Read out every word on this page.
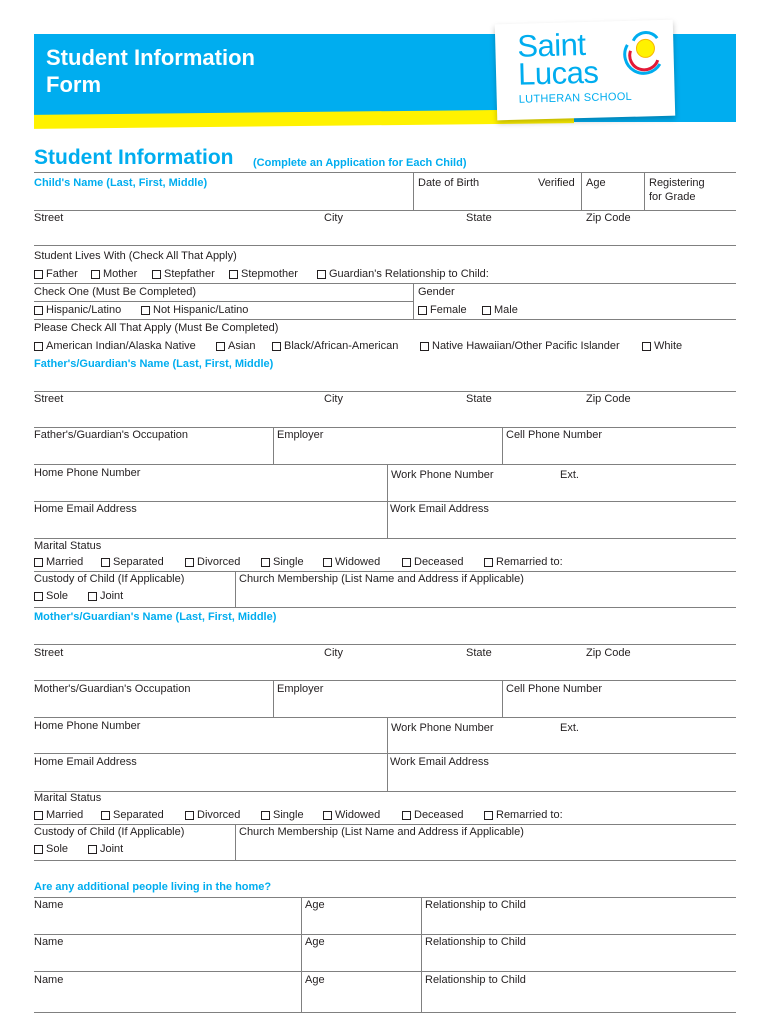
Student Information
Form
Saint
Lucas
LUTHERAN SCHOOL
Student Information (Complete an Application for Each Child)
Child's Name (Last, First, Middle)	Date of Birth	Verified Age	Registering
for Grade
Street	City	State	Zip Code
Student Lives With (Check All That Apply)
Father Mother Stepfather Stepmother	Guardian's Relationship to Child:
Check One (Must Be Completed)	Gender
Hispanic/Latino	Not Hispanic/Latino	Female Male
Please Check All That Apply (Must Be Completed)
American Indian/Alaska Native	Asian	Black/African-American	Native Hawaiian/Other Pacific Islander	White
Father's/Guardian's Name (Last, First, Middle)
Street	City	State	Zip Code
Father's/Guardian's Occupation	Employer	Cell Phone Number
Home Phone Number	Work Phone Number	Ext.
Home Email Address	Work Email Address
Marital Status
Married	Separated	Divorced	Single	Widowed	Deceased	Remarried to:
Custody of Child (If Applicable)	Church Membership (List Name and Address if Applicable)
Sole	Joint
Mother's/Guardian's Name (Last, First, Middle)
Street	City	State	Zip Code
Mother's/Guardian's Occupation	Employer	Cell Phone Number
Home Phone Number	Work Phone Number	Ext.
Home Email Address	Work Email Address
Marital Status
Married	Separated	Divorced	Single	Widowed	Deceased	Remarried to:
Custody of Child (If Applicable)	Church Membership (List Name and Address if Applicable)
Sole	Joint
Are any additional people living in the home?
Name	Age	Relationship to Child
Name	Age	Relationship to Child
Name	Age	Relationship to Child
